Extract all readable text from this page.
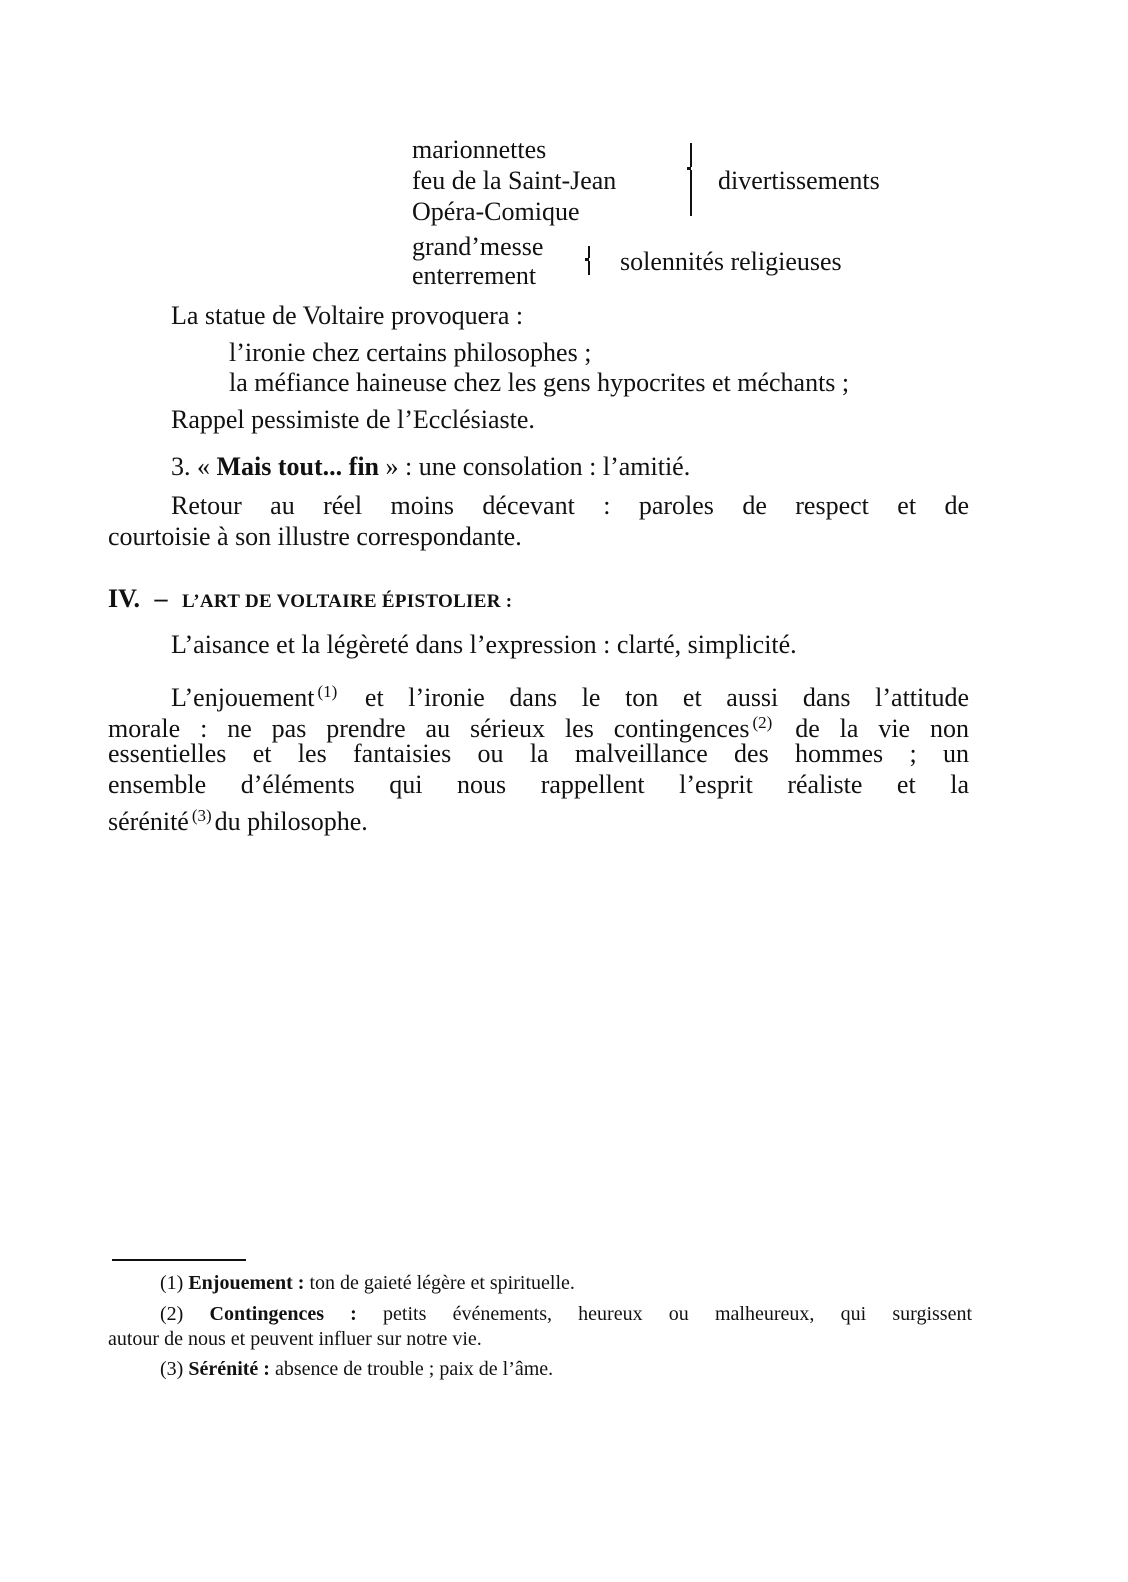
marionnettes
feu de la Saint-Jean
Opéra-Comique
divertissements
grand’messe
enterrement	solennités religieuses
La statue de Voltaire provoquera :
l’ironie chez certains philosophes ;
la méfiance haineuse chez les gens hypocrites et méchants ;
Rappel pessimiste de l’Ecclésiaste.
3. « Mais tout... fin » : une consolation : l’amitié.
Retour au réel moins décevant : paroles de respect et de
courtoisie à son illustre correspondante.
IV. – L’ART DE VOLTAIRE ÉPISTOLIER :
L’aisance et la légèreté dans l’expression : clarté, simplicité.
L’enjouement $^{(1)}$ et l’ironie dans le ton et aussi dans l’attitude
morale : ne pas prendre au sérieux les contingences $^{(2)}$ de la vie non
essentielles et les fantaisies ou la malveillance des hommes ; un
ensemble d’éléments qui nous rappellent l’esprit réaliste et la
sérénité $^{(3)}$ du philosophe.
(1) Enjouement : ton de gaieté légère et spirituelle.
(2) Contingences : petits événements, heureux ou malheureux, qui surgissent
autour de nous et peuvent influer sur notre vie.
(3) Sérénité : absence de trouble ; paix de l’âme.
